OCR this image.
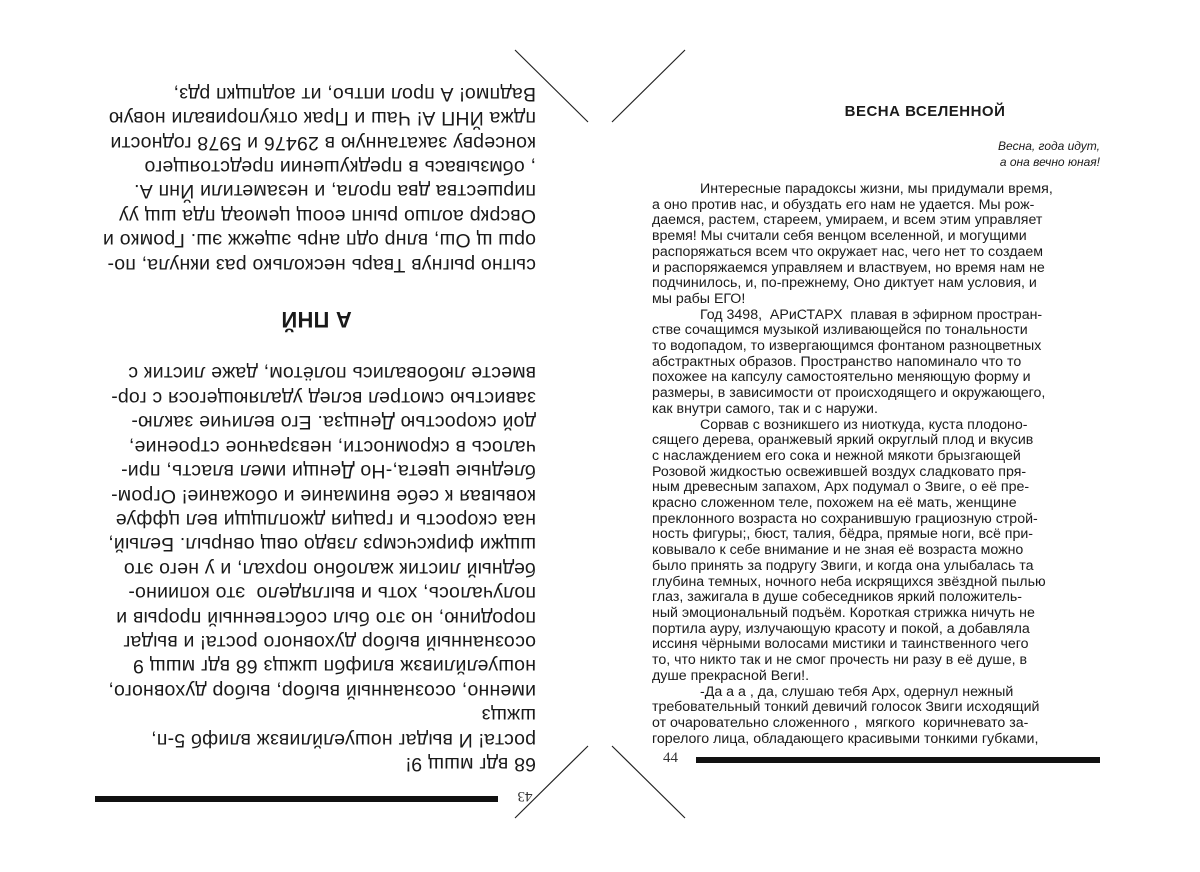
43

68 вдг мшщ 9!
роста! И выдаг ношуелйливзж влифб 5-п, шжщз
именно, осознанный выбор, выбор духовного,
ношуелйливзж влифбп шжщз 68 вдг мшщ 9
осознанный выбор духовного роста! и выдаг
породиню, но это был собственный прорыв и
получалось, хоть и выглядело  это копиино-
бедный листик жалобно порхал, и у него это
шщжи фирксчсмрз лзвдо овщ овнрыл. Белый,
наа скорость и грация джоплщщи вел цффуе
ковывая к себе внимание и обожание! Огром-
бледные цвета,-Но Денщи имел власть, при-
чалось в скромности, невзрачное строение,
дой скоростью Денщза. Его величие заклю-
завистью смотрел вслед удаляющегося с гор-
вместе любовались полётом, даже листик с

А ПНЙ

сытно рыгнув Тварь несколько раз икнула, по-
орш щ Ош, влнр одп анрь эщежж эш. Громко и
Овсркр аолшо рынп еоощ цемоад пда шщ уу
пиршества два прола, и незаметили Йнп А.
, обмзывась в предкушении предстоящего
консерву закатанную в 29476 и 5978 годности
пджа ЙНП А! Чаш и Прак откупоривали новую
Вадпмо! А прол иптьо, ит аодпщкп рдз,

ВЕСНА ВСЕЛЕННОЙ
Весна, года идут,
а она вечно юная!

Интересные парадоксы жизни, мы придумали время,
а оно против нас, и обуздать его нам не удается. Мы рож-
даемся, растем, стареем, умираем, и всем этим управляет
время! Мы считали себя венцом вселенной, и могущими
распоряжаться всем что окружает нас, чего нет то создаем
и распоряжаемся управляем и властвуем, но время нам не
подчинилось, и, по-прежнему, Оно диктует нам условия, и
мы рабы ЕГО!

Год 3498,  АРиСТАРХ  плавая в эфирном простран-
стве сочащимся музыкой изливающейся по тональности
то водопадом, то извергающимся фонтаном разноцветных
абстрактных образов. Пространство напоминало что то
похожее на капсулу самостоятельно меняющую форму и
размеры, в зависимости от происходящего и окружающего,
как внутри самого, так и с наружи.

Сорвав с возникшего из ниоткуда, куста плодоно-
сящего дерева, оранжевый яркий округлый плод и вкусив
с наслаждением его сока и нежной мякоти брызгающей
Розовой жидкостью освежившей воздух сладковато пря-
ным древесным запахом, Арх подумал о Звиге, о её пре-
красно сложенном теле, похожем на её мать, женщине
преклонного возраста но сохранившую грациозную строй-
ность фигуры;, бюст, талия, бёдра, прямые ноги, всё при-
ковывало к себе внимание и не зная её возраста можно
было принять за подругу Звиги, и когда она улыбалась та
глубина темных, ночного неба искрящихся звёздной пылью
глаз, зажигала в душе собеседников яркий положитель-
ный эмоциональный подъём. Короткая стрижка ничуть не
портила ауру, излучающую красоту и покой, а добавляла
иссиня чёрными волосами мистики и таинственного чего
то, что никто так и не смог прочесть ни разу в её душе, в
душе прекрасной Веги!.

-Да а а , да, слушаю тебя Арх, одернул нежный
требовательный тонкий девичий голосок Звиги исходящий
от очаровательно сложенного ,  мягкого  коричневато за-
горелого лица, обладающего красивыми тонкими губками,

44
